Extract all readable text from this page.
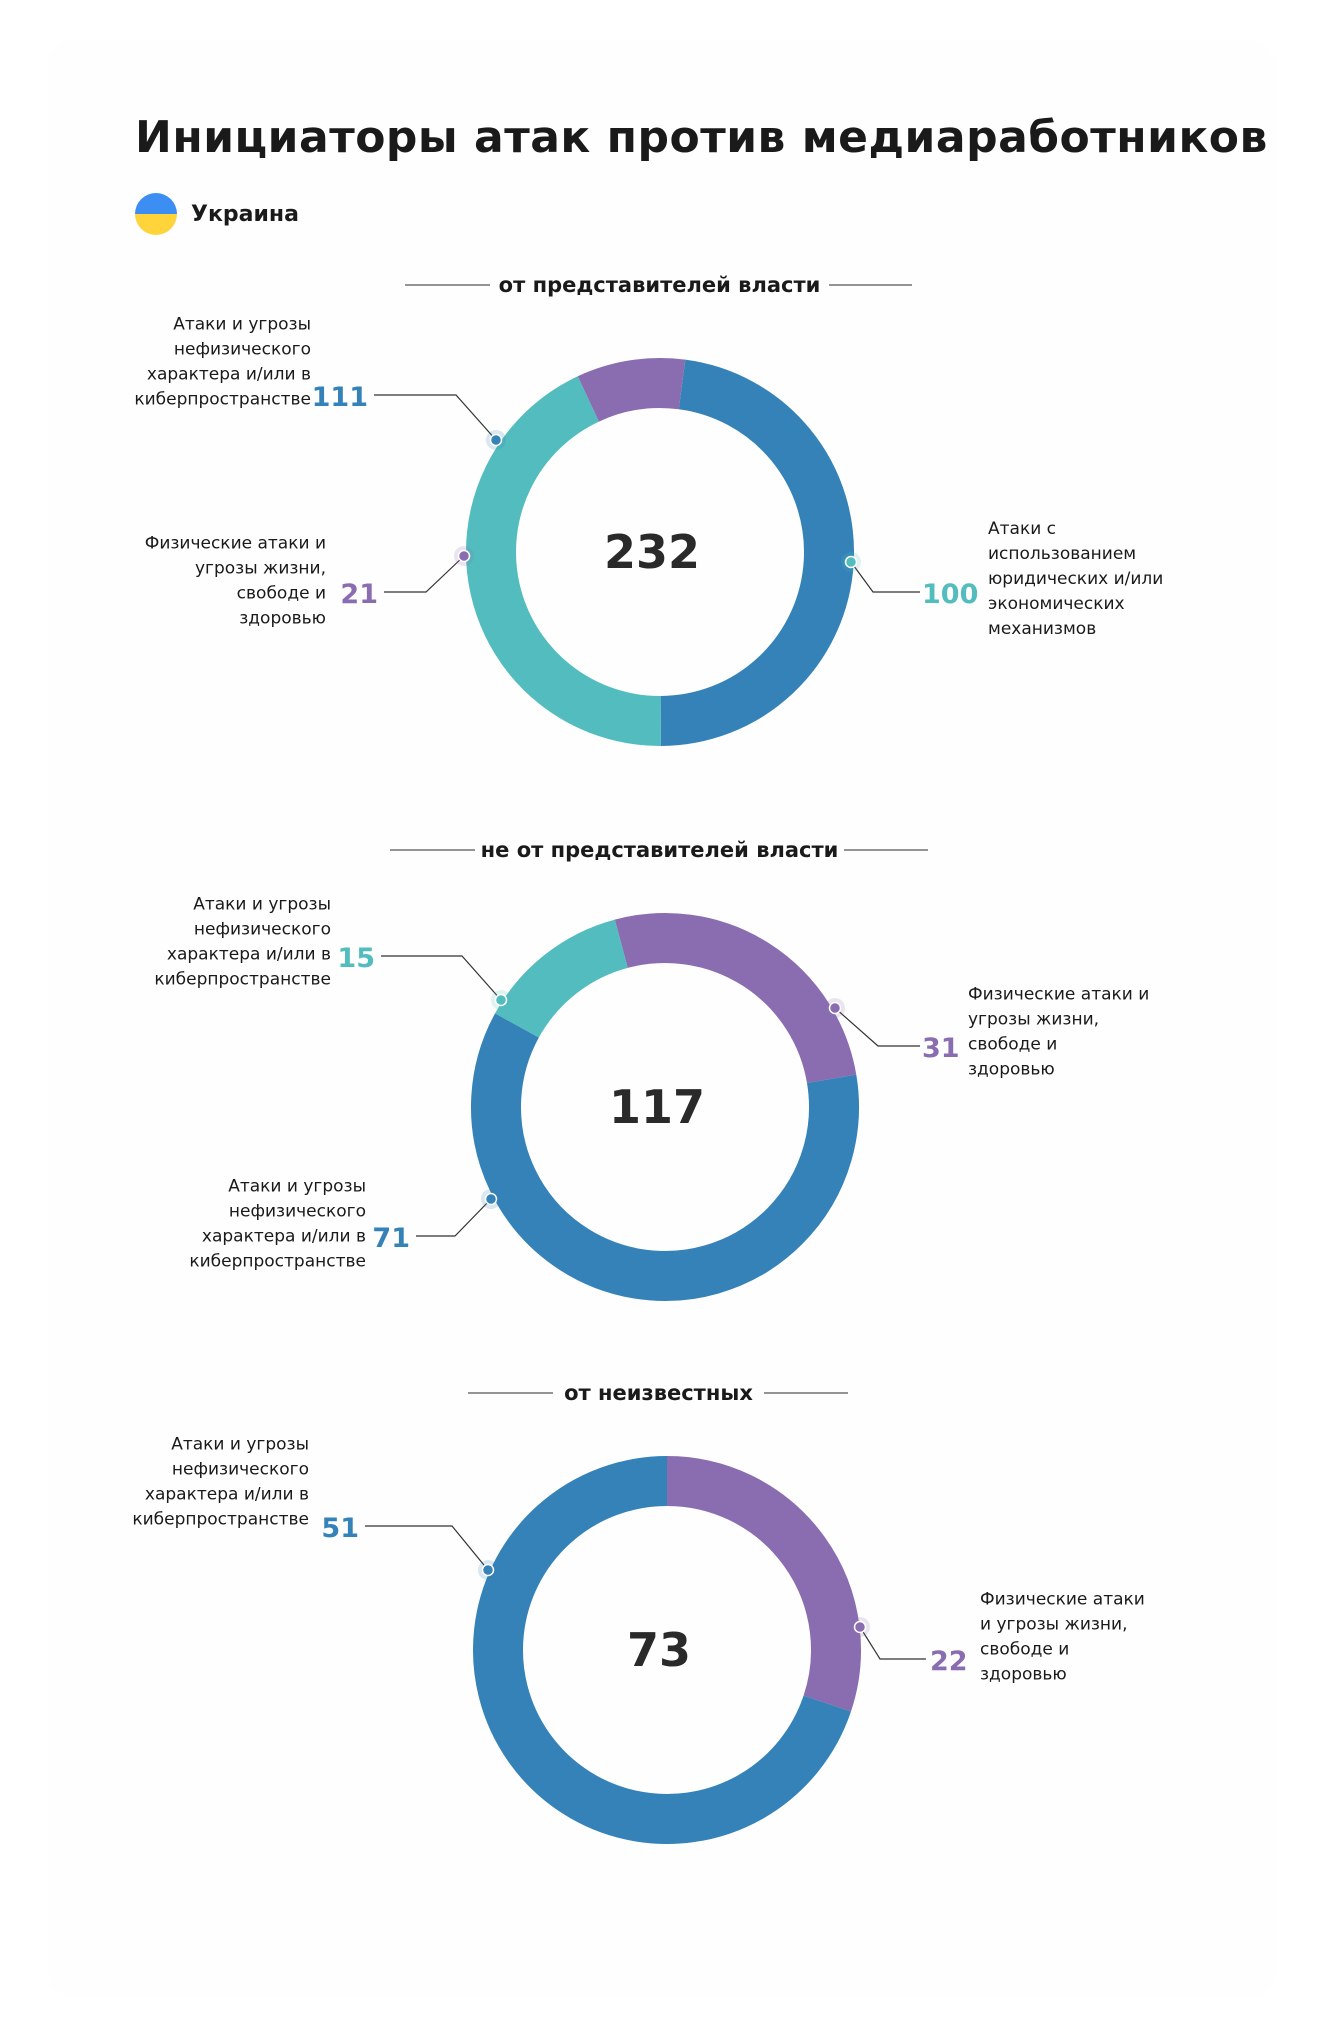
Инициаторы атак против медиаработников
Украина
от представителей власти
232
111
Атаки и угрозы нефизического характера и/или в киберпространстве
100
Атаки с использованием юридических и/или экономических механизмов
21
Физические атаки и угрозы жизни, свободе и здоровью
не от представителей власти
117
31
Физические атаки и угрозы жизни, свободе и здоровью
71
Атаки и угрозы нефизического характера и/или в киберпространстве
15
Атаки и угрозы нефизического характера и/или в киберпространстве
от неизвестных
73	22
Физические атаки и угрозы жизни, свободе и здоровью
51
Атаки и угрозы нефизического характера и/или в киберпространстве
